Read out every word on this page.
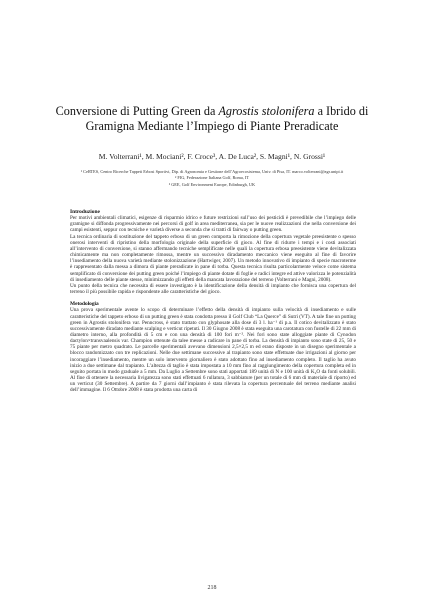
Conversione di Putting Green da Agrostis stolonifera a Ibrido di Gramigna Mediante l’Impiego di Piante Preradicate
M. Volterrani¹, M. Mociani², F. Croce³, A. De Luca², S. Magni¹, N. Grossi¹
¹ CeRTES, Centro Ricerche Tappeti Erbosi Sportivi, Dip. di Agronomia e Gestione dell’Agroecosistema, Univ. di Pisa, IT. marco.volterrani@agr.unipi.it
² FIG, Federazione Italiana Golf, Roma, IT
³ GEE, Golf Environment Europe, Edinburgh, UK
Introduzione

Per motivi ambientali climatici, esigenze di risparmio idrico e future restrizioni sull’uso dei pesticidi è prevedibile che l’impiego delle gramigne si diffonda progressivamente nei percorsi di golf in area mediterranea, sia per le nuove realizzazioni che nella conversione dei campi esistenti, seppur con tecniche e varietà diverse a seconda che si tratti di fairway o putting green.

La tecnica ordinaria di sostituzione del tappeto erboso di un green comporta la rimozione della copertura vegetale preesistente o spesso onerosi interventi di ripristino della morfologia originale della superficie di gioco. Al fine di ridurre i tempi e i costi associati all’intervento di conversione, si stanno affermando tecniche semplificate nelle quali la copertura erbosa preesistente viene devitalizzata chimicamente ma non completamente rimossa, mentre un successivo diradamento meccanico viene eseguito al fine di favorire l’insediamento della nuova varietà mediante stolonizzazione (Hartwiger, 2007). Un metodo innovativo di impianto di specie macroterme è rappresentato dalla messa a dimora di piante preradicate in pane di torba. Questa tecnica risulta particolarmente veloce come sistema semplificato di conversione dei putting green poiché l’impiego di piante dotate di foglie e radici integre ed attive valorizza le potenzialità di insediamento delle piante stesse, minimizzando gli effetti della mancata lavorazione del terreno (Volterrani e Magni, 2008).

Un punto della tecnica che necessita di essere investigato è la identificazione della densità di impianto che fornisca una copertura del terreno il più possibile rapida e rispondente alle caratteristiche del gioco.

Metodologia

Una prova sperimentale avente lo scopo di determinare l’effetto della densità di impianto sulla velocità di insediamento e sulle caratteristiche del tappeto erboso di un putting green è stata condotta presso il Golf Club “La Querce” di Sutri (VT). A tale fine un putting green in Agrostis stolonifera var. Penncross, è stato trattato con glyphosate alla dose di 3 l. ha⁻¹ di p.a. Il cotico devitalizzato è stato successivamente diradato mediante scalping e verticut ripetuti. Il 30 Giugno 2008 è stata eseguita una carotatura con fustelle di 22 mm di diametro interno, alla profondità di 5 cm e con una densità di 100 fori m⁻². Nei fori sono state alloggiate piante di Cynodon dactylon×transvaalensis var. Champion ottenute da talee messe a radicare in pane di torba. La densità di impianto sono state di 25, 50 e 75 piante per metro quadrato. Le parcelle sperimentali avevano dimensioni 2,5×2,5 m ed erano disposte in un disegno sperimentale a blocco randomizzato con tre replicazioni. Nelle due settimane successive al trapianto sono state effettuate due irrigazioni al giorno per incoraggiare l’insediamento, mentre un solo intervento giornaliero è stato adottato fino ad insediamento completo. Il taglio ha avuto inizio a due settimane dal trapianto. L’altezza di taglio è stata impostata a 10 mm fino al raggiungimento della copertura completa ed in seguito portata in modo graduale a 5 mm. Da Luglio a Settembre sono stati apportati 189 unità di N e 100 unità di K₂O da fonti solubili. Al fine di ottenere la necessaria livigatezza sono stati effettuati 6 rullatura, 3 sabbiature (per un totale di 6 mm di materiale di riporto) ed un verticut (30 Settembre). A partire da 7 giorni dall’impianto è stata rilevata la copertura percentuale del terreno mediante analisi dell’immagine. Il 6 Ottobre 2008 è stata prodotta una carta di

218
